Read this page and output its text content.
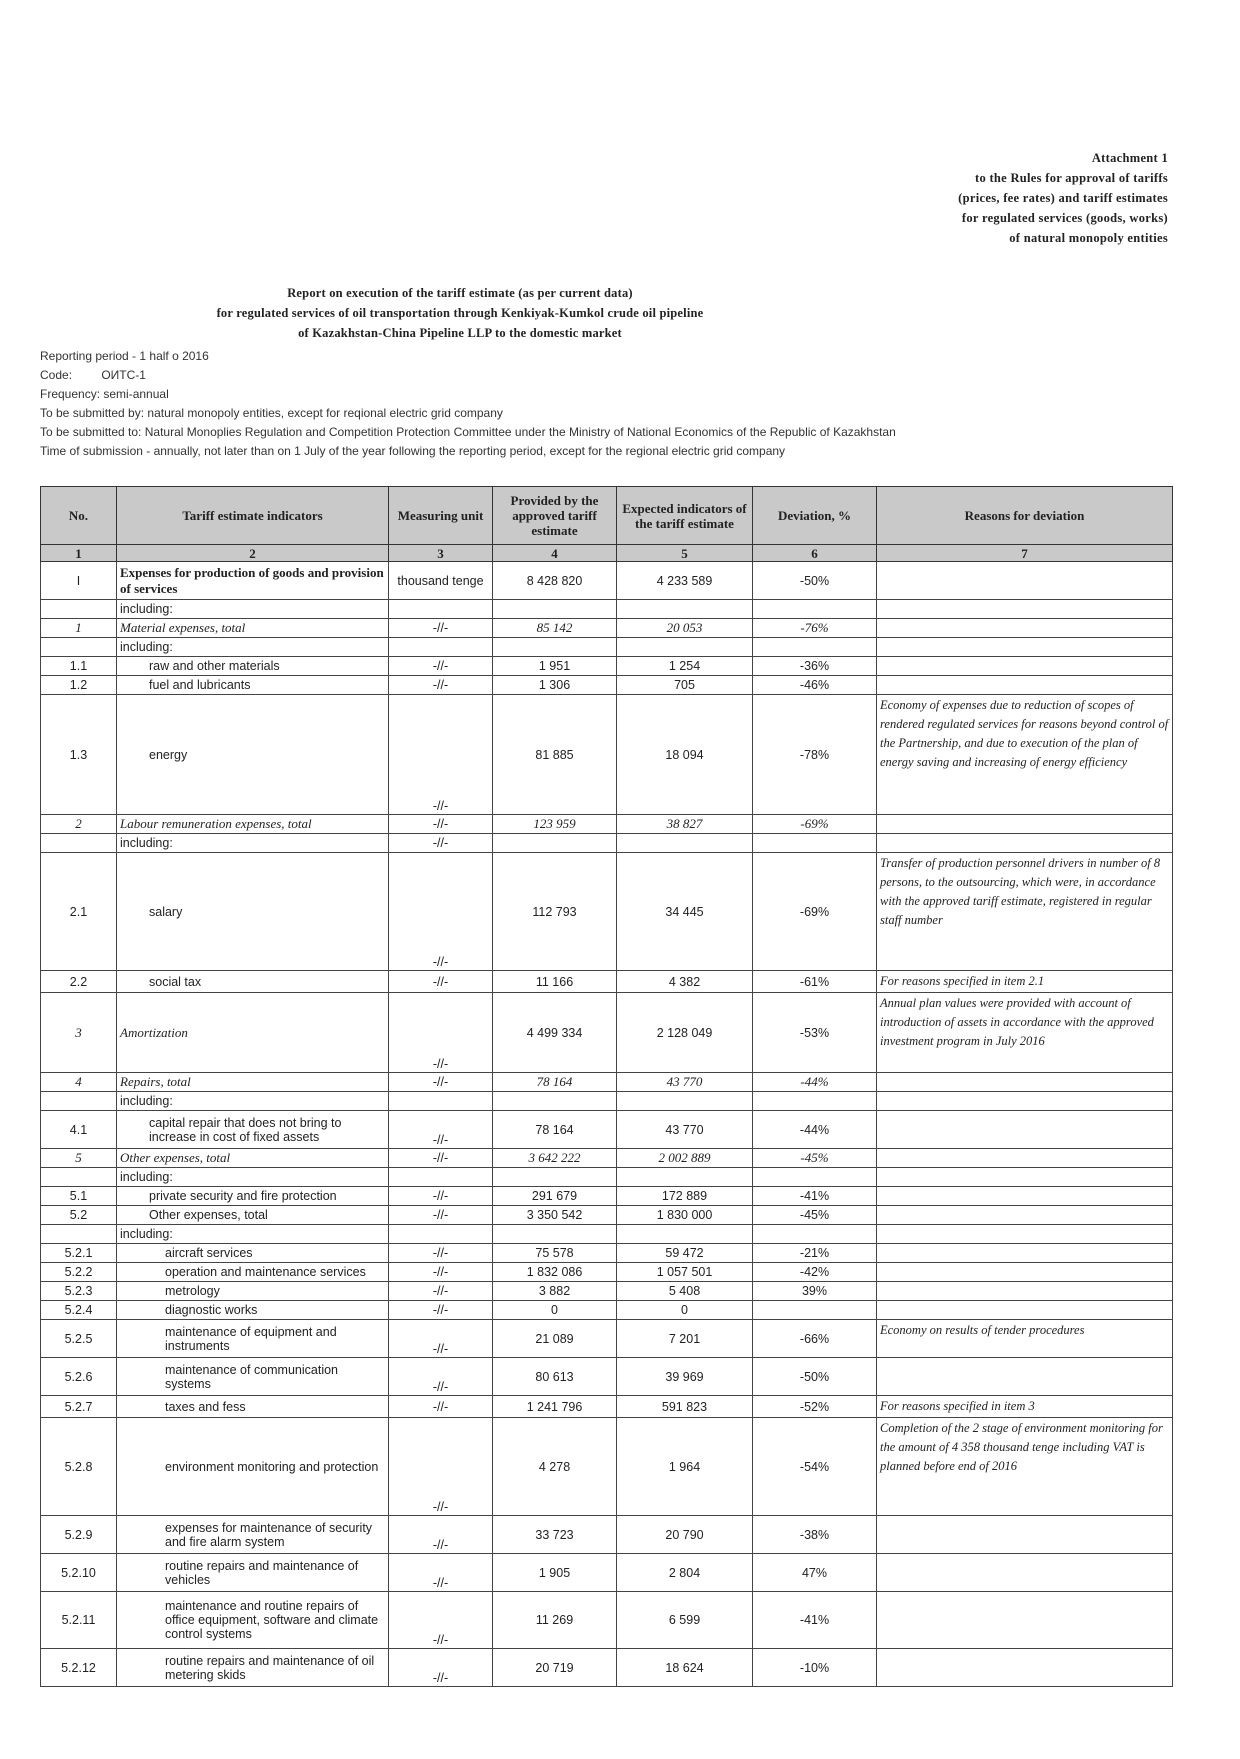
Attachment 1
to the Rules for approval of tariffs
(prices, fee rates) and tariff estimates
for regulated services (goods, works)
of natural monopoly entities
Report on execution of the tariff estimate (as per current data)
for regulated services of oil transportation through Kenkiyak-Kumkol crude oil pipeline
of Kazakhstan-China Pipeline LLP to the domestic market
Reporting period - 1 half o 2016
Code: ОИТС-1
Frequency: semi-annual
To be submitted by: natural monopoly entities, except for reqional electric grid company
To be submitted to: Natural Monoplies Regulation and Competition Protection Committee under the Ministry of National Economics of the Republic of Kazakhstan
Time of submission - annually, not later than on 1 July of the year following the reporting period, except for the regional electric grid company
No.	Tariff estimate indicators	Measuring unit	Provided by the approved tariff estimate	Expected indicators of the tariff estimate	Deviation, %	Reasons for deviation
1	2	3	4	5	6	7
I	Expenses for production of goods and provision of services	thousand tenge	8 428 820	4 233 589	-50%	
	including:					
1	Material expenses, total	-//-	85 142	20 053	-76%	
	including:					
1.1	raw and other materials	-//-	1 951	1 254	-36%	
1.2	fuel and lubricants	-//-	1 306	705	-46%	
1.3	energy	-//-	81 885	18 094	-78%	Economy of expenses due to reduction of scopes of rendered regulated services for reasons beyond control of the Partnership, and due to execution of the plan of energy saving and increasing of energy efficiency
2	Labour remuneration expenses, total	-//-	123 959	38 827	-69%	
	including:	-//-				
2.1	salary	-//-	112 793	34 445	-69%	Transfer of production personnel drivers in number of 8 persons, to the outsourcing, which were, in accordance with the approved tariff estimate, registered in regular staff number
2.2	social tax	-//-	11 166	4 382	-61%	For reasons specified in item 2.1
3	Amortization	-//-	4 499 334	2 128 049	-53%	Annual plan values were provided with account of introduction of assets in accordance with the approved investment program in July 2016
4	Repairs, total	-//-	78 164	43 770	-44%	
	including:					
4.1	capital repair that does not bring to increase in cost of fixed assets	-//-	78 164	43 770	-44%	
5	Other expenses, total	-//-	3 642 222	2 002 889	-45%	
	including:					
5.1	private security and fire protection	-//-	291 679	172 889	-41%	
5.2	Other expenses, total	-//-	3 350 542	1 830 000	-45%	
	including:					
5.2.1	aircraft services	-//-	75 578	59 472	-21%	
5.2.2	operation and maintenance services	-//-	1 832 086	1 057 501	-42%	
5.2.3	metrology	-//-	3 882	5 408	39%	
5.2.4	diagnostic works	-//-	0	0		
5.2.5	maintenance of equipment and instruments	-//-	21 089	7 201	-66%	Economy on results of tender procedures
5.2.6	maintenance of communication systems	-//-	80 613	39 969	-50%	
5.2.7	taxes and fess	-//-	1 241 796	591 823	-52%	For reasons specified in item 3
5.2.8	environment monitoring and protection	-//-	4 278	1 964	-54%	Completion of the 2 stage of environment monitoring for the amount of 4 358 thousand tenge including VAT is planned before end of 2016
5.2.9	expenses for maintenance of security and fire alarm system	-//-	33 723	20 790	-38%	
5.2.10	routine repairs and maintenance of vehicles	-//-	1 905	2 804	47%	
5.2.11	maintenance and routine repairs of office equipment, software and climate control systems	-//-	11 269	6 599	-41%	
5.2.12	routine repairs and maintenance of oil metering skids	-//-	20 719	18 624	-10%	
